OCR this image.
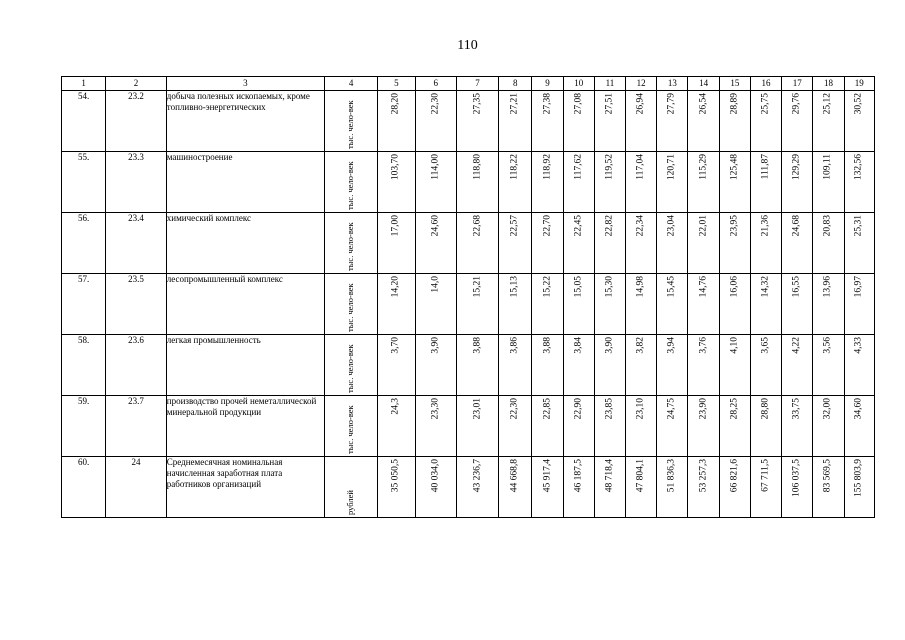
110
1	2	3	4	5	6	7	8	9	10	11	12	13	14	15	16	17	18	19
54.	23.2	добыча полезных ископаемых, кроме топливно-энергетических	тыс. чело-век	28,20	22,30	27,35	27,21	27,38	27,08	27,51	26,94	27,79	26,54	28,89	25,75	29,76	25,12	30,52

55.	23.3	машиностроение	тыс. чело-век	103,70	114,00	118,80	118,22	118,92	117,62	119,52	117,04	120,71	115,29	125,48	111,87	129,29	109,11	132,56

56.	23.4	химический комплекс	тыс. чело-век	17,00	24,60	22,68	22,57	22,70	22,45	22,82	22,34	23,04	22,01	23,95	21,36	24,68	20,83	25,31

57.	23.5	лесопромышленный комплекс	тыс. чело-век	14,20	14,0	15,21	15,13	15,22	15,05	15,30	14,98	15,45	14,76	16,06	14,32	16,55	13,96	16,97

58.	23.6	легкая промышленность	тыс. чело-век	3,70	3,90	3,88	3,86	3,88	3,84	3,90	3,82	3,94	3,76	4,10	3,65	4,22	3,56	4,33

59.	23.7	производство прочей неметаллической минеральной продукции	тыс. чело-век	24,3	23,30	23,01	22,30	22,85	22,90	23,85	23,10	24,75	23,90	28,25	28,80	33,75	32,00	34,60

60.	24	Среднемесячная номинальная начисленная заработная плата работников организаций	рублей	35 050,5	40 034,0	43 236,7	44 668,8	45 917,4	46 187,5	48 718,4	47 804,1	51 836,3	53 257,3	66 821,6	67 711,5	106 037,5	83 569,5	155 803,9
